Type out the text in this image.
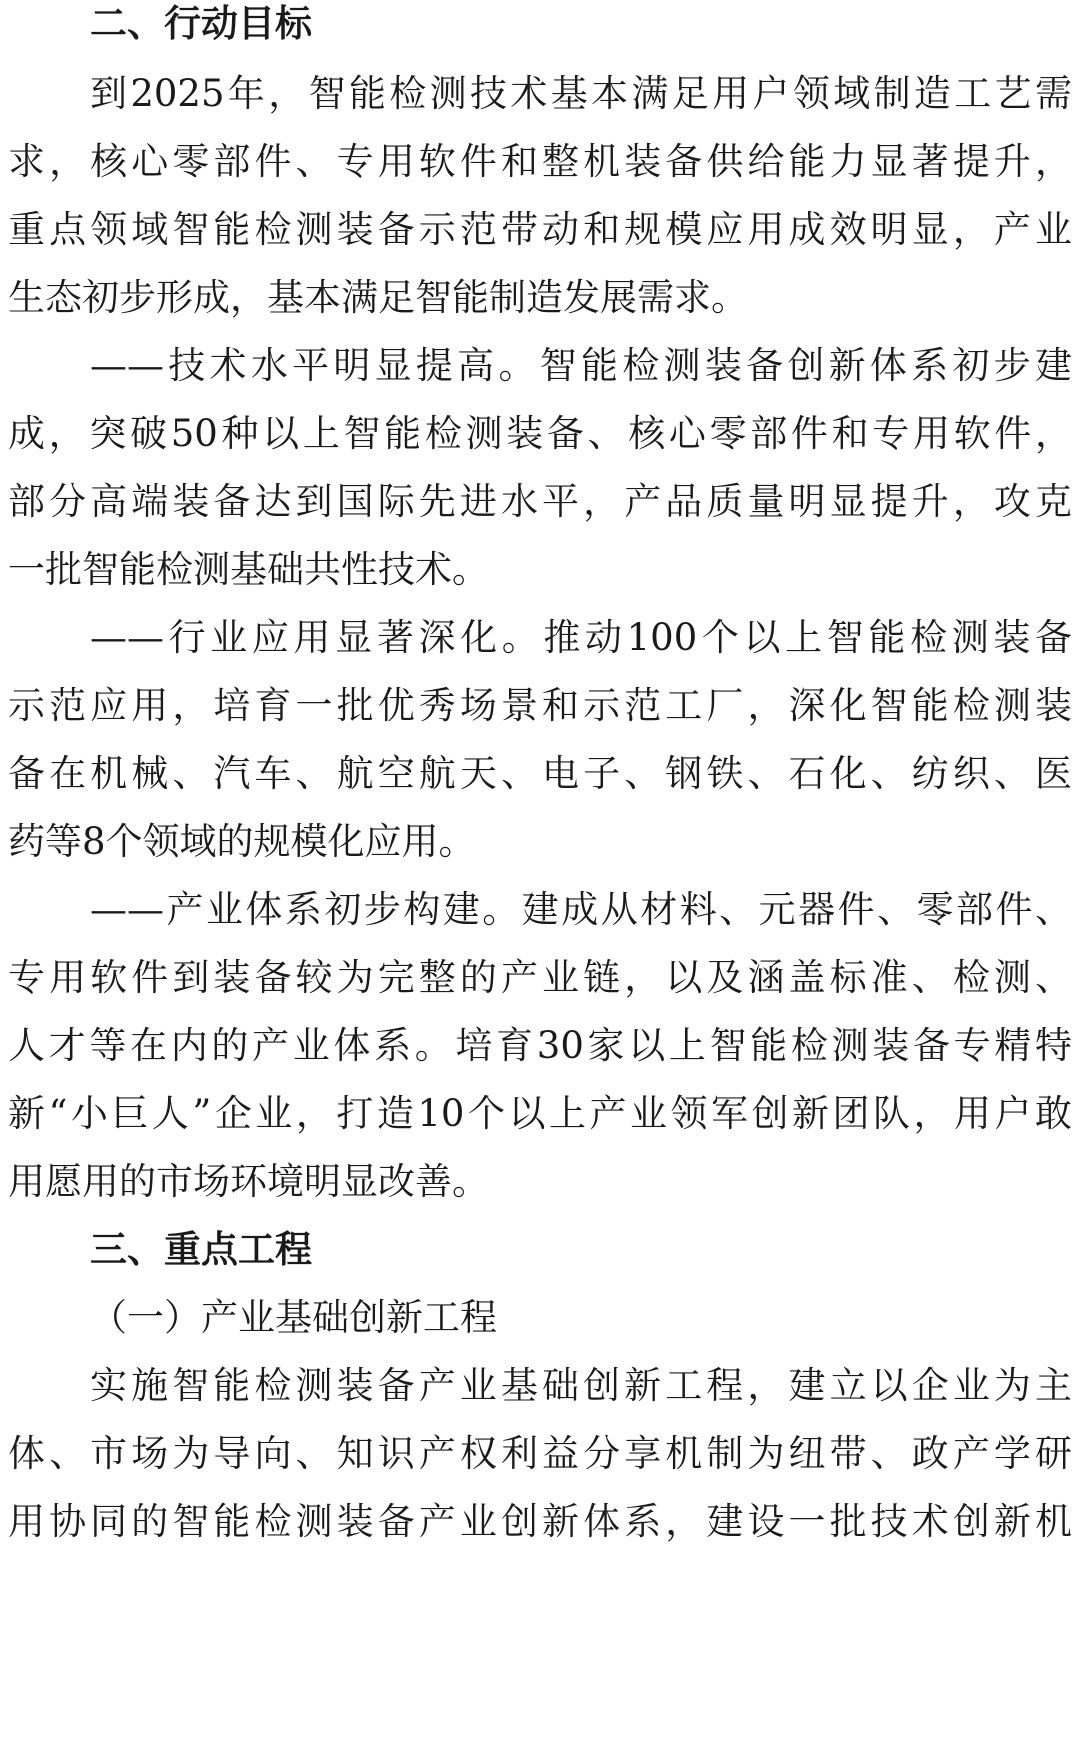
二、行动目标
到2025年，智能检测技术基本满足用户领域制造工艺需
求，核心零部件、专用软件和整机装备供给能力显著提升，
重点领域智能检测装备示范带动和规模应用成效明显，产业
生态初步形成，基本满足智能制造发展需求。
——技术水平明显提高。智能检测装备创新体系初步建
成，突破50种以上智能检测装备、核心零部件和专用软件，
部分高端装备达到国际先进水平，产品质量明显提升，攻克
一批智能检测基础共性技术。
——行业应用显著深化。推动100个以上智能检测装备
示范应用，培育一批优秀场景和示范工厂，深化智能检测装
备在机械、汽车、航空航天、电子、钢铁、石化、纺织、医
药等8个领域的规模化应用。
——产业体系初步构建。建成从材料、元器件、零部件、
专用软件到装备较为完整的产业链，以及涵盖标准、检测、
人才等在内的产业体系。培育30家以上智能检测装备专精特
新“小巨人”企业，打造10个以上产业领军创新团队，用户敢
用愿用的市场环境明显改善。
三、重点工程
（一）产业基础创新工程
实施智能检测装备产业基础创新工程，建立以企业为主
体、市场为导向、知识产权利益分享机制为纽带、政产学研
用协同的智能检测装备产业创新体系，建设一批技术创新机
